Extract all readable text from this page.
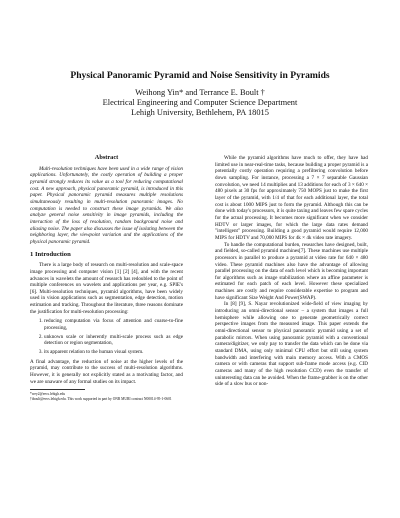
Physical Panoramic Pyramid and Noise Sensitivity in Pyramids
Weihong Yin* and Terrance E. Boult †
Electrical Engineering and Computer Science Department
Lehigh University, Bethlehem, PA 18015
Abstract

Multi-resolution techniques have been used in a wide range of vision applications. Unfortunately, the costly operation of building a proper pyramid strongly reduces its value as a tool for reducing computational cost. A new approach, physical panoramic pyramid, is introduced in this paper. Physical panoramic pyramid measures multiple resolutions simultaneously resulting in multi-resolution panoramic images. No computation is needed to construct these image pyramids. We also analyze general noise sensitivity in image pyramids, including the interaction of the loss of resolution, random background noise and aliasing noise. The paper also discusses the issue of isolating between the neighboring layer, the viewpoint variation and the applications of the physical panoramic pyramid.

1 Introduction

There is a large body of research on multi-resolution and scale-space image processing and computer vision [1] [2] [4], and with the recent advances in wavelets the amount of research has redoubled to the point of multiple conferences on wavelets and applications per year, e.g. SPIE's [6]. Multi-resolution techniques, pyramid algorithms, have been widely used in vision applications such as segmentation, edge detection, motion estimation and tracking. Throughout the literature, three reasons dominate the justification for multi-resolution processing:

1. reducing computation via focus of attention and coarse-to-fine processing,
2. unknown scale or inherently multi-scale process such as edge detection or region segmentation,
3. its apparent relation to the human visual system.

A final advantage, the reduction of noise at the higher levels of the pyramid, may contribute to the success of multi-resolution algorithms. However, it is generally not explicitly stated as a motivating factor, and we are unaware of any formal studies on its impact.

*wey2@eecs.lehigh.edu
†tboult@eecs.lehigh.edu. This work supported in part by ONR MURI contract N00014-95-1-0601

While the pyramid algorithms have much to offer, they have had limited use in near-real-time tasks, because building a proper pyramid is a potentially costly operation requiring a prefiltering convolution before down sampling. For instance, processing a 7 × 7 separable Gaussian convolution, we need 14 multiplies and 13 additions for each of 3 × 640 × 480 pixels at 30 fps for approximately 750 MOPS just to make the first layer of the pyramid, with 1/4 of that for each additional layer, the total cost is about 1000 MIPS just to form the pyramid. Although this can be done with today's processors, it is quite taxing and leaves few spare cycles for the actual processing. It becomes more significant when we consider HDTV or larger images, for which the large data rates demand "intelligent" processing. Building a good pyramid would require 12,000 MIPS for HDTV and 70,000 MIPS for 4k × 4k video rate imagery.

To handle the computational burden, researches have designed, built, and fielded, so-called pyramid machines[7]. These machines use multiple processors in parallel to produce a pyramid at video rate for 640 × 480 video. These pyramid machines also have the advantage of allowing parallel processing on the data of each level which is becoming important for algorithms such as image stabilization where an affine parameter is estimated for each patch of each level. However these specialized machines are costly and require considerable expertise to program and have significant Size Weight And Power(SWAP).

In [8] [9], S. Nayar revolutionized wide-field of view imaging by introducing an omni-directional sensor – a system that images a full hemisphere while allowing one to generate geometrically correct perspective images from the measured image. This paper extends the omni-directional sensor to physical panoramic pyramid using a set of parabolic mirrors. When using panoramic pyramid with a conventional camera/digitizer, we only pay to transfer the data which can be done via standard DMA, using only minimal CPU effort but still using system bandwidth and interfering with main memory access. With a CMOS camera or with cameras that support sub-frame mode access (e.g. CID cameras and many of the high resolution CCD) even the transfer of uninteresting data can be avoided. When the frame-grabber is on the other side of a slow bus or non-
